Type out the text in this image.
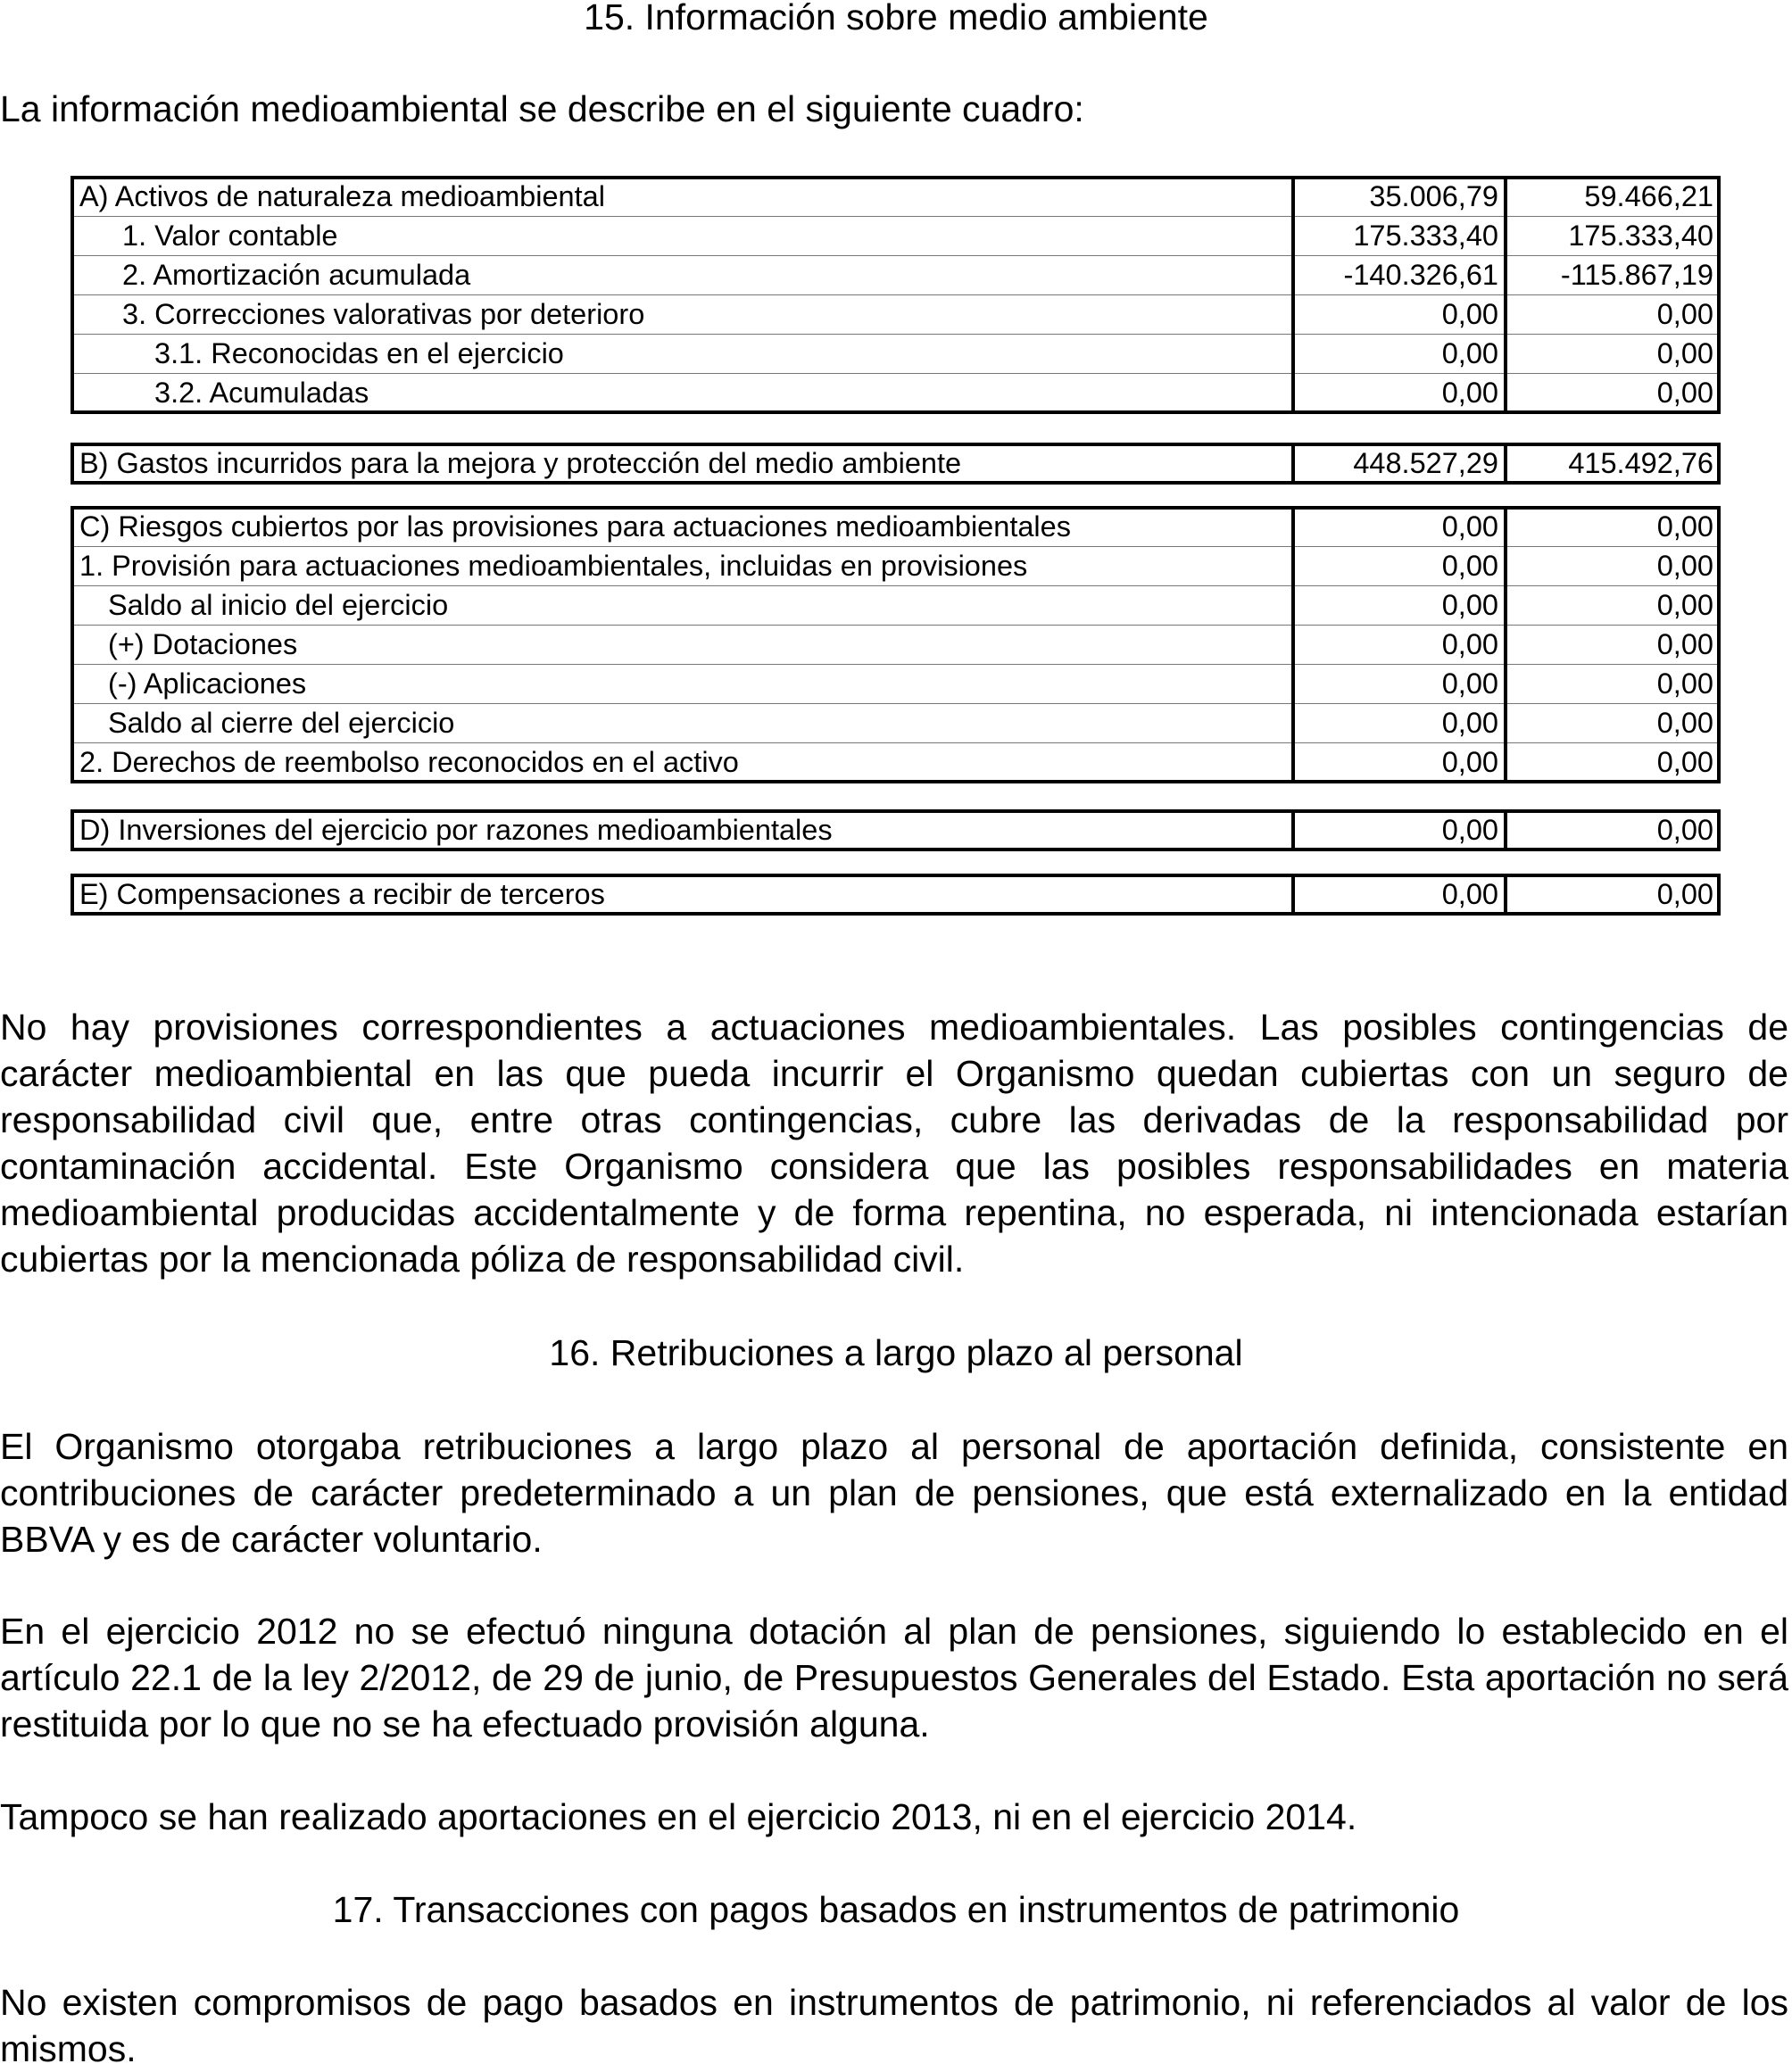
15. Información sobre medio ambiente

La información medioambiental se describe en el siguiente cuadro:

A) Activos de naturaleza medioambiental	35.006,79	59.466,21
1. Valor contable	175.333,40	175.333,40
2. Amortización acumulada	-140.326,61	-115.867,19
3. Correcciones valorativas por deterioro	0,00	0,00
3.1. Reconocidas en el ejercicio	0,00	0,00
3.2. Acumuladas	0,00	0,00
B) Gastos incurridos para la mejora y protección del medio ambiente	448.527,29	415.492,76
C) Riesgos cubiertos por las provisiones para actuaciones medioambientales	0,00	0,00
1. Provisión para actuaciones medioambientales, incluidas en provisiones	0,00	0,00
Saldo al inicio del ejercicio	0,00	0,00
(+) Dotaciones	0,00	0,00
(-) Aplicaciones	0,00	0,00
Saldo al cierre del ejercicio	0,00	0,00
2. Derechos de reembolso reconocidos en el activo	0,00	0,00
D) Inversiones del ejercicio por razones medioambientales	0,00	0,00
E) Compensaciones a recibir de terceros	0,00	0,00

No hay provisiones correspondientes a actuaciones medioambientales. Las posibles contingencias de carácter medioambiental en las que pueda incurrir el Organismo quedan cubiertas con un seguro de responsabilidad civil que, entre otras contingencias, cubre las derivadas de la responsabilidad por contaminación accidental. Este Organismo considera que las posibles responsabilidades en materia medioambiental producidas accidentalmente y de forma repentina, no esperada, ni intencionada estarían cubiertas por la mencionada póliza de responsabilidad civil.

16. Retribuciones a largo plazo al personal

El Organismo otorgaba retribuciones a largo plazo al personal de aportación definida, consistente en contribuciones de carácter predeterminado a un plan de pensiones, que está externalizado en la entidad BBVA y es de carácter voluntario.

En el ejercicio 2012 no se efectuó ninguna dotación al plan de pensiones, siguiendo lo establecido en el artículo 22.1 de la ley 2/2012, de 29 de junio, de Presupuestos Generales del Estado. Esta aportación no será restituida por lo que no se ha efectuado provisión alguna.

Tampoco se han realizado aportaciones en el ejercicio 2013, ni en el ejercicio 2014.

17. Transacciones con pagos basados en instrumentos de patrimonio

No existen compromisos de pago basados en instrumentos de patrimonio, ni referenciados al valor de los mismos.
